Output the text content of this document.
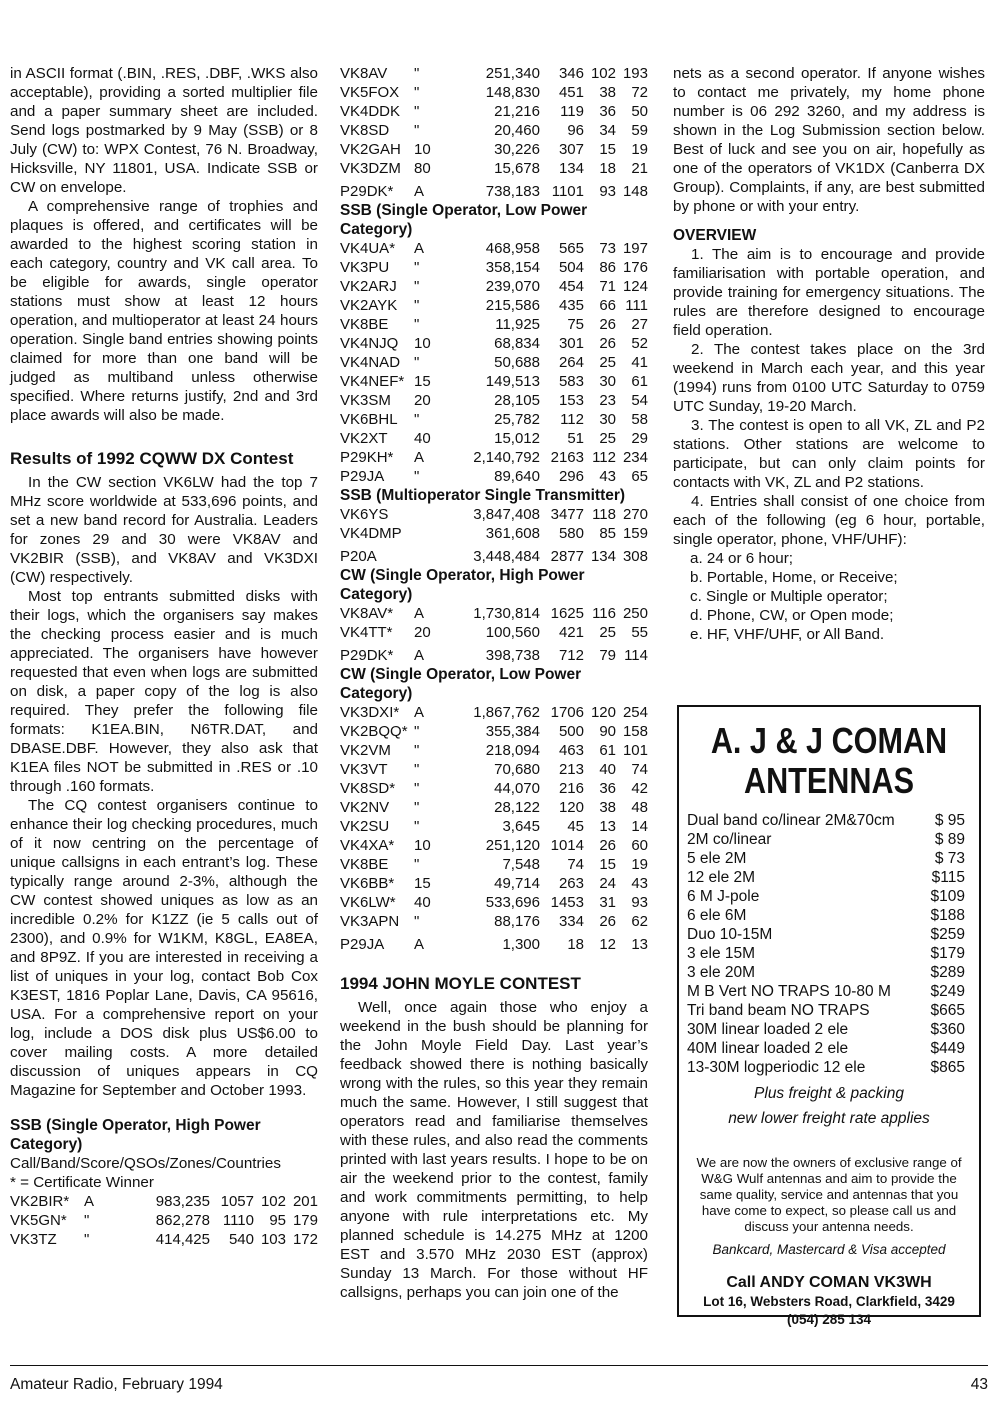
in ASCII format (.BIN, .RES, .DBF, .WKS also acceptable), providing a sorted multiplier file and a paper summary sheet are included. Send logs postmarked by 9 May (SSB) or 8 July (CW) to: WPX Contest, 76 N. Broadway, Hicksville, NY 11801, USA. Indicate SSB or CW on envelope.

A comprehensive range of trophies and plaques is offered, and certificates will be awarded to the highest scoring station in each category, country and VK call area. To be eligible for awards, single operator stations must show at least 12 hours operation, and multioperator at least 24 hours operation. Single band entries showing points claimed for more than one band will be judged as multiband unless otherwise specified. Where returns justify, 2nd and 3rd place awards will also be made.

Results of 1992 CQWW DX Contest

In the CW section VK6LW had the top 7 MHz score worldwide at 533,696 points, and set a new band record for Australia. Leaders for zones 29 and 30 were VK8AV and VK2BIR (SSB), and VK8AV and VK3DXI (CW) respectively.

Most top entrants submitted disks with their logs, which the organisers say makes the checking process easier and is much appreciated. The organisers have however requested that even when logs are submitted on disk, a paper copy of the log is also required. They prefer the following file formats: K1EA.BIN, N6TR.DAT, and DBASE.DBF. However, they also ask that K1EA files NOT be submitted in .RES or .10 through .160 formats.

The CQ contest organisers continue to enhance their log checking procedures, much of it now centring on the percentage of unique callsigns in each entrant’s log. These typically range around 2-3%, although the CW contest showed uniques as low as an incredible 0.2% for K1ZZ (ie 5 calls out of 2300), and 0.9% for W1KM, K8GL, EA8EA, and 8P9Z. If you are interested in receiving a list of uniques in your log, contact Bob Cox K3EST, 1816 Poplar Lane, Davis, CA 95616, USA. For a comprehensive report on your log, include a DOS disk plus US$6.00 to cover mailing costs. A more detailed discussion of uniques appears in CQ Magazine for September and October 1993.

SSB (Single Operator, High Power Category)

Call/Band/Score/QSOs/Zones/Countries

* = Certificate Winner

VK2BIR*	A	983,235	1057	102	201
VK5GN*	"	862,278	1110	95	179
VK3TZ	"	414,425	540	103	172
VK8AV	"	251,340	346	102	193
VK5FOX	"	148,830	451	38	72
VK4DDK	"	21,216	119	36	50
VK8SD	"	20,460	96	34	59
VK2GAH	10	30,226	307	15	19
VK3DZM	80	15,678	134	18	21
P29DK*	A	738,183	1101	93	148

SSB (Single Operator, Low Power Category)

VK4UA*	A	468,958	565	73	197
VK3PU	"	358,154	504	86	176
VK2ARJ	"	239,070	454	71	124
VK2AYK	"	215,586	435	66	111
VK8BE	"	11,925	75	26	27
VK4NJQ	10	68,834	301	26	52
VK4NAD	"	50,688	264	25	41
VK4NEF*	15	149,513	583	30	61
VK3SM	20	28,105	153	23	54
VK6BHL	"	25,782	112	30	58
VK2XT	40	15,012	51	25	29
P29KH*	A	2,140,792	2163	112	234
P29JA	"	89,640	296	43	65

SSB (Multioperator Single Transmitter)

VK6YS		3,847,408	3477	118	270
VK4DMP		361,608	580	85	159
P20A		3,448,484	2877	134	308

CW (Single Operator, High Power Category)

VK8AV*	A	1,730,814	1625	116	250
VK4TT*	20	100,560	421	25	55
P29DK*	A	398,738	712	79	114

CW (Single Operator, Low Power Category)

VK3DXI*	A	1,867,762	1706	120	254
VK2BQQ*	"	355,384	500	90	158
VK2VM	"	218,094	463	61	101
VK3VT	"	70,680	213	40	74
VK8SD*	"	44,070	216	36	42
VK2NV	"	28,122	120	38	48
VK2SU	"	3,645	45	13	14
VK4XA*	10	251,120	1014	26	60
VK8BE	"	7,548	74	15	19
VK6BB*	15	49,714	263	24	43
VK6LW*	40	533,696	1453	31	93
VK3APN	"	88,176	334	26	62
P29JA	A	1,300	18	12	13
1994 JOHN MOYLE CONTEST

Well, once again those who enjoy a weekend in the bush should be planning for the John Moyle Field Day. Last year’s feedback showed there is nothing basically wrong with the rules, so this year they remain much the same. However, I still suggest that operators read and familiarise themselves with these rules, and also read the comments printed with last years results. I hope to be on air the weekend prior to the contest, family and work commitments permitting, to help anyone with rule interpretations etc. My planned schedule is 14.275 MHz at 1200 EST and 3.570 MHz 2030 EST (approx) Sunday 13 March. For those without HF callsigns, perhaps you can join one of the

nets as a second operator. If anyone wishes to contact me privately, my home phone number is 06 292 3260, and my address is shown in the Log Submission section below. Best of luck and see you on air, hopefully as one of the operators of VK1DX (Canberra DX Group). Complaints, if any, are best submitted by phone or with your entry.

OVERVIEW

1. The aim is to encourage and provide familiarisation with portable operation, and provide training for emergency situations. The rules are therefore designed to encourage field operation.

2. The contest takes place on the 3rd weekend in March each year, and this year (1994) runs from 0100 UTC Saturday to 0759 UTC Sunday, 19-20 March.

3. The contest is open to all VK, ZL and P2 stations. Other stations are welcome to participate, but can only claim points for contacts with VK, ZL and P2 stations.

4. Entries shall consist of one choice from each of the following (eg 6 hour, portable, single operator, phone, VHF/UHF):

a. 24 or 6 hour;

b. Portable, Home, or Receive;

c. Single or Multiple operator;

d. Phone, CW, or Open mode;

e. HF, VHF/UHF, or All Band.

A. J & J COMAN
ANTENNAS
Dual band co/linear 2M&70cm	$ 95
2M co/linear	$ 89
5 ele 2M	$ 73
12 ele 2M	$115
6 M J-pole	$109
6 ele 6M	$188
Duo 10-15M	$259
3 ele 15M	$179
3 ele 20M	$289
M B Vert NO TRAPS 10-80 M	$249
Tri band beam NO TRAPS	$665
30M linear loaded 2 ele	$360
40M linear loaded 2 ele	$449
13-30M logperiodic 12 ele	$865
Plus freight & packing
new lower freight rate applies
We are now the owners of exclusive range of W&G Wulf antennas and aim to provide the same quality, service and antennas that you have come to expect, so please call us and discuss your antenna needs.
Bankcard, Mastercard & Visa accepted
Call ANDY COMAN VK3WH
Lot 16, Websters Road, Clarkfield, 3429
(054) 285 134
Amateur Radio, February 1994	43
